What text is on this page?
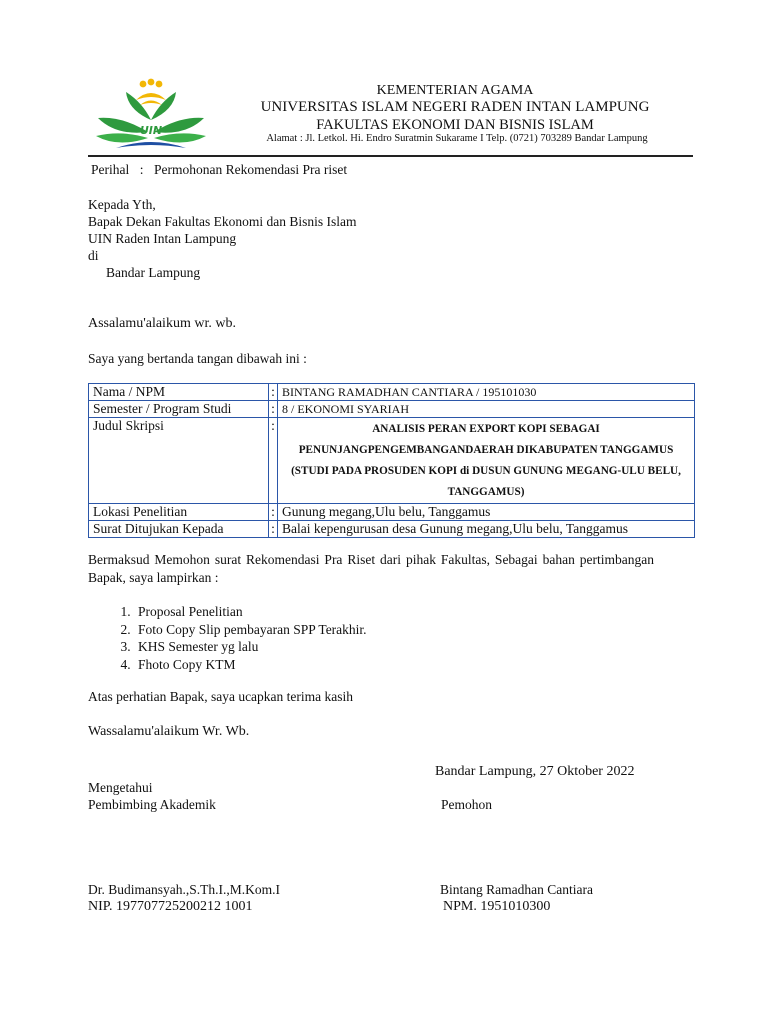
UIN
KEMENTERIAN AGAMA
UNIVERSITAS ISLAM NEGERI RADEN INTAN LAMPUNG
FAKULTAS EKONOMI DAN BISNIS ISLAM
Alamat : Jl. Letkol. Hi. Endro Suratmin Sukarame I Telp. (0721) 703289 Bandar Lampung
Perihal : Permohonan Rekomendasi Pra riset
Kepada Yth,
Bapak Dekan Fakultas Ekonomi dan Bisnis Islam
UIN Raden Intan Lampung
di
Bandar Lampung
Assalamu'alaikum wr. wb.
Saya yang bertanda tangan dibawah ini :
Nama / NPM	:	BINTANG RAMADHAN CANTIARA / 195101030
Semester / Program Studi	:	8 / EKONOMI SYARIAH
Judul Skripsi	:	ANALISIS PERAN EXPORT KOPI SEBAGAI
PENUNJANGPENGEMBANGANDAERAH DIKABUPATEN TANGGAMUS
(STUDI PADA PROSUDEN KOPI di DUSUN GUNUNG MEGANG-ULU BELU,
TANGGAMUS)

Lokasi Penelitian	:	Gunung megang,Ulu belu, Tanggamus
Surat Ditujukan Kepada	:	Balai kepengurusan desa Gunung megang,Ulu belu, Tanggamus
Bermaksud Memohon surat Rekomendasi Pra Riset dari pihak Fakultas, Sebagai bahan pertimbangan Bapak, saya lampirkan :
1. Proposal Penelitian
2. Foto Copy Slip pembayaran SPP Terakhir.
3. KHS Semester yg lalu
4. Fhoto Copy KTM
Atas perhatian Bapak, saya ucapkan terima kasih
Wassalamu'alaikum Wr. Wb.
Bandar Lampung, 27 Oktober 2022
Mengetahui
Pembimbing Akademik
Dr. Budimansyah.,S.Th.I.,M.Kom.I
NIP. 197707725200212 1001
Pemohon
Bintang Ramadhan Cantiara
NPM. 1951010300
